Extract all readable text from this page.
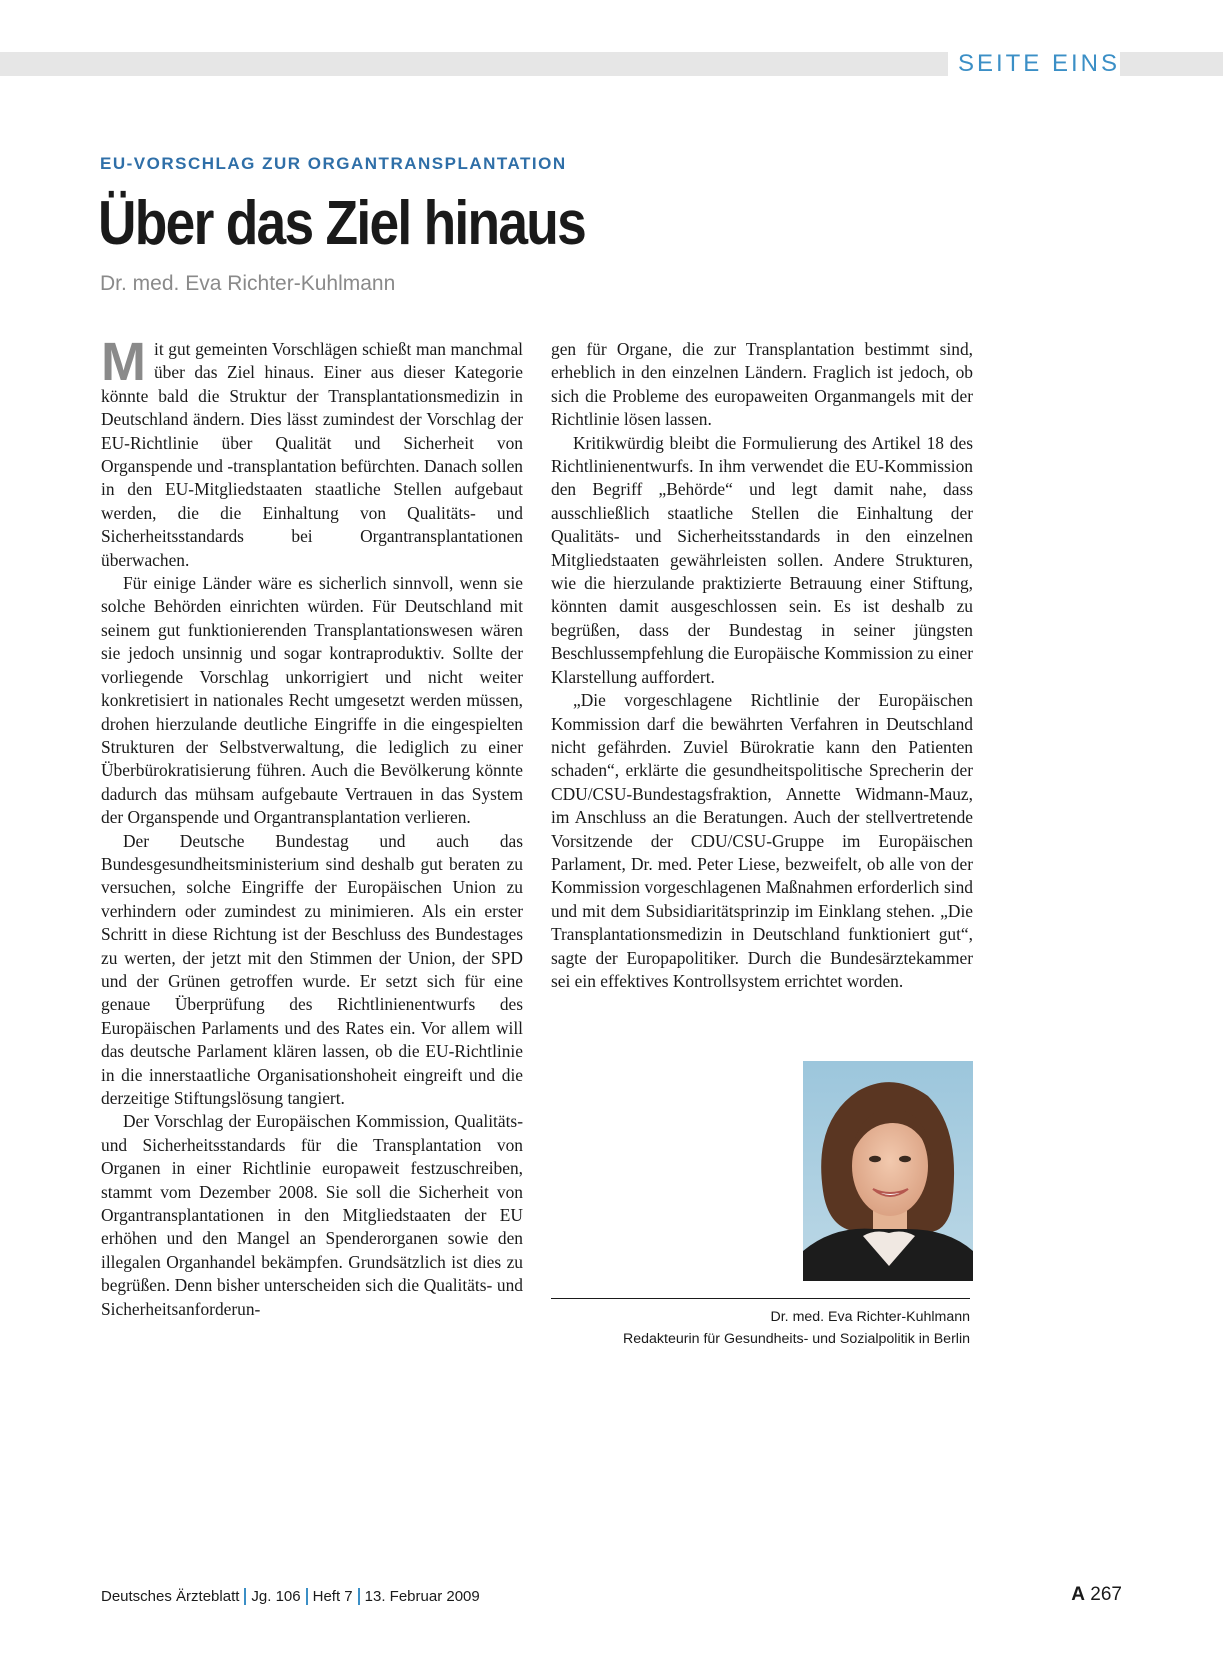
SEITE EINS
EU-VORSCHLAG ZUR ORGANTRANSPLANTATION
Über das Ziel hinaus
Dr. med. Eva Richter-Kuhlmann

Mit gut gemeinten Vorschlägen schießt man manchmal über das Ziel hinaus. Einer aus dieser Kategorie könnte bald die Struktur der Transplantationsmedizin in Deutschland ändern. Dies lässt zumindest der Vorschlag der EU-Richtlinie über Qualität und Sicherheit von Organspende und -transplantation befürchten. Danach sollen in den EU-Mitgliedstaaten staatliche Stellen aufgebaut werden, die die Einhaltung von Qualitäts- und Sicherheitsstandards bei Organtransplantationen überwachen.

Für einige Länder wäre es sicherlich sinnvoll, wenn sie solche Behörden einrichten würden. Für Deutschland mit seinem gut funktionierenden Transplantationswesen wären sie jedoch unsinnig und sogar kontraproduktiv. Sollte der vorliegende Vorschlag unkorrigiert und nicht weiter konkretisiert in nationales Recht umgesetzt werden müssen, drohen hierzulande deutliche Eingriffe in die eingespielten Strukturen der Selbstverwaltung, die lediglich zu einer Überbürokratisierung führen. Auch die Bevölkerung könnte dadurch das mühsam aufgebaute Vertrauen in das System der Organspende und Organtransplantation verlieren.

Der Deutsche Bundestag und auch das Bundesgesundheitsministerium sind deshalb gut beraten zu versuchen, solche Eingriffe der Europäischen Union zu verhindern oder zumindest zu minimieren. Als ein erster Schritt in diese Richtung ist der Beschluss des Bundestages zu werten, der jetzt mit den Stimmen der Union, der SPD und der Grünen getroffen wurde. Er setzt sich für eine genaue Überprüfung des Richtlinienentwurfs des Europäischen Parlaments und des Rates ein. Vor allem will das deutsche Parlament klären lassen, ob die EU-Richtlinie in die innerstaatliche Organisationshoheit eingreift und die derzeitige Stiftungslösung tangiert.

Der Vorschlag der Europäischen Kommission, Qualitäts- und Sicherheitsstandards für die Transplantation von Organen in einer Richtlinie europaweit festzuschreiben, stammt vom Dezember 2008. Sie soll die Sicherheit von Organtransplantationen in den Mitgliedstaaten der EU erhöhen und den Mangel an Spenderorganen sowie den illegalen Organhandel bekämpfen. Grundsätzlich ist dies zu begrüßen. Denn bisher unterscheiden sich die Qualitäts- und Sicherheitsanforderun-

gen für Organe, die zur Transplantation bestimmt sind, erheblich in den einzelnen Ländern. Fraglich ist jedoch, ob sich die Probleme des europaweiten Organmangels mit der Richtlinie lösen lassen.

Kritikwürdig bleibt die Formulierung des Artikel 18 des Richtlinienentwurfs. In ihm verwendet die EU-Kommission den Begriff „Behörde“ und legt damit nahe, dass ausschließlich staatliche Stellen die Einhaltung der Qualitäts- und Sicherheitsstandards in den einzelnen Mitgliedstaaten gewährleisten sollen. Andere Strukturen, wie die hierzulande praktizierte Betrauung einer Stiftung, könnten damit ausgeschlossen sein. Es ist deshalb zu begrüßen, dass der Bundestag in seiner jüngsten Beschlussempfehlung die Europäische Kommission zu einer Klarstellung auffordert.

„Die vorgeschlagene Richtlinie der Europäischen Kommission darf die bewährten Verfahren in Deutschland nicht gefährden. Zuviel Bürokratie kann den Patienten schaden“, erklärte die gesundheitspolitische Sprecherin der CDU/CSU-Bundestagsfraktion, Annette Widmann-Mauz, im Anschluss an die Beratungen. Auch der stellvertretende Vorsitzende der CDU/CSU-Gruppe im Europäischen Parlament, Dr. med. Peter Liese, bezweifelt, ob alle von der Kommission vorgeschlagenen Maßnahmen erforderlich sind und mit dem Subsidiaritätsprinzip im Einklang stehen. „Die Transplantationsmedizin in Deutschland funktioniert gut“, sagte der Europapolitiker. Durch die Bundesärztekammer sei ein effektives Kontrollsystem errichtet worden.

Dr. med. Eva Richter-Kuhlmann
Redakteurin für Gesundheits- und Sozialpolitik in Berlin
Deutsches Ärzteblatt Jg. 106 Heft 7 13. Februar 2009	A 267
